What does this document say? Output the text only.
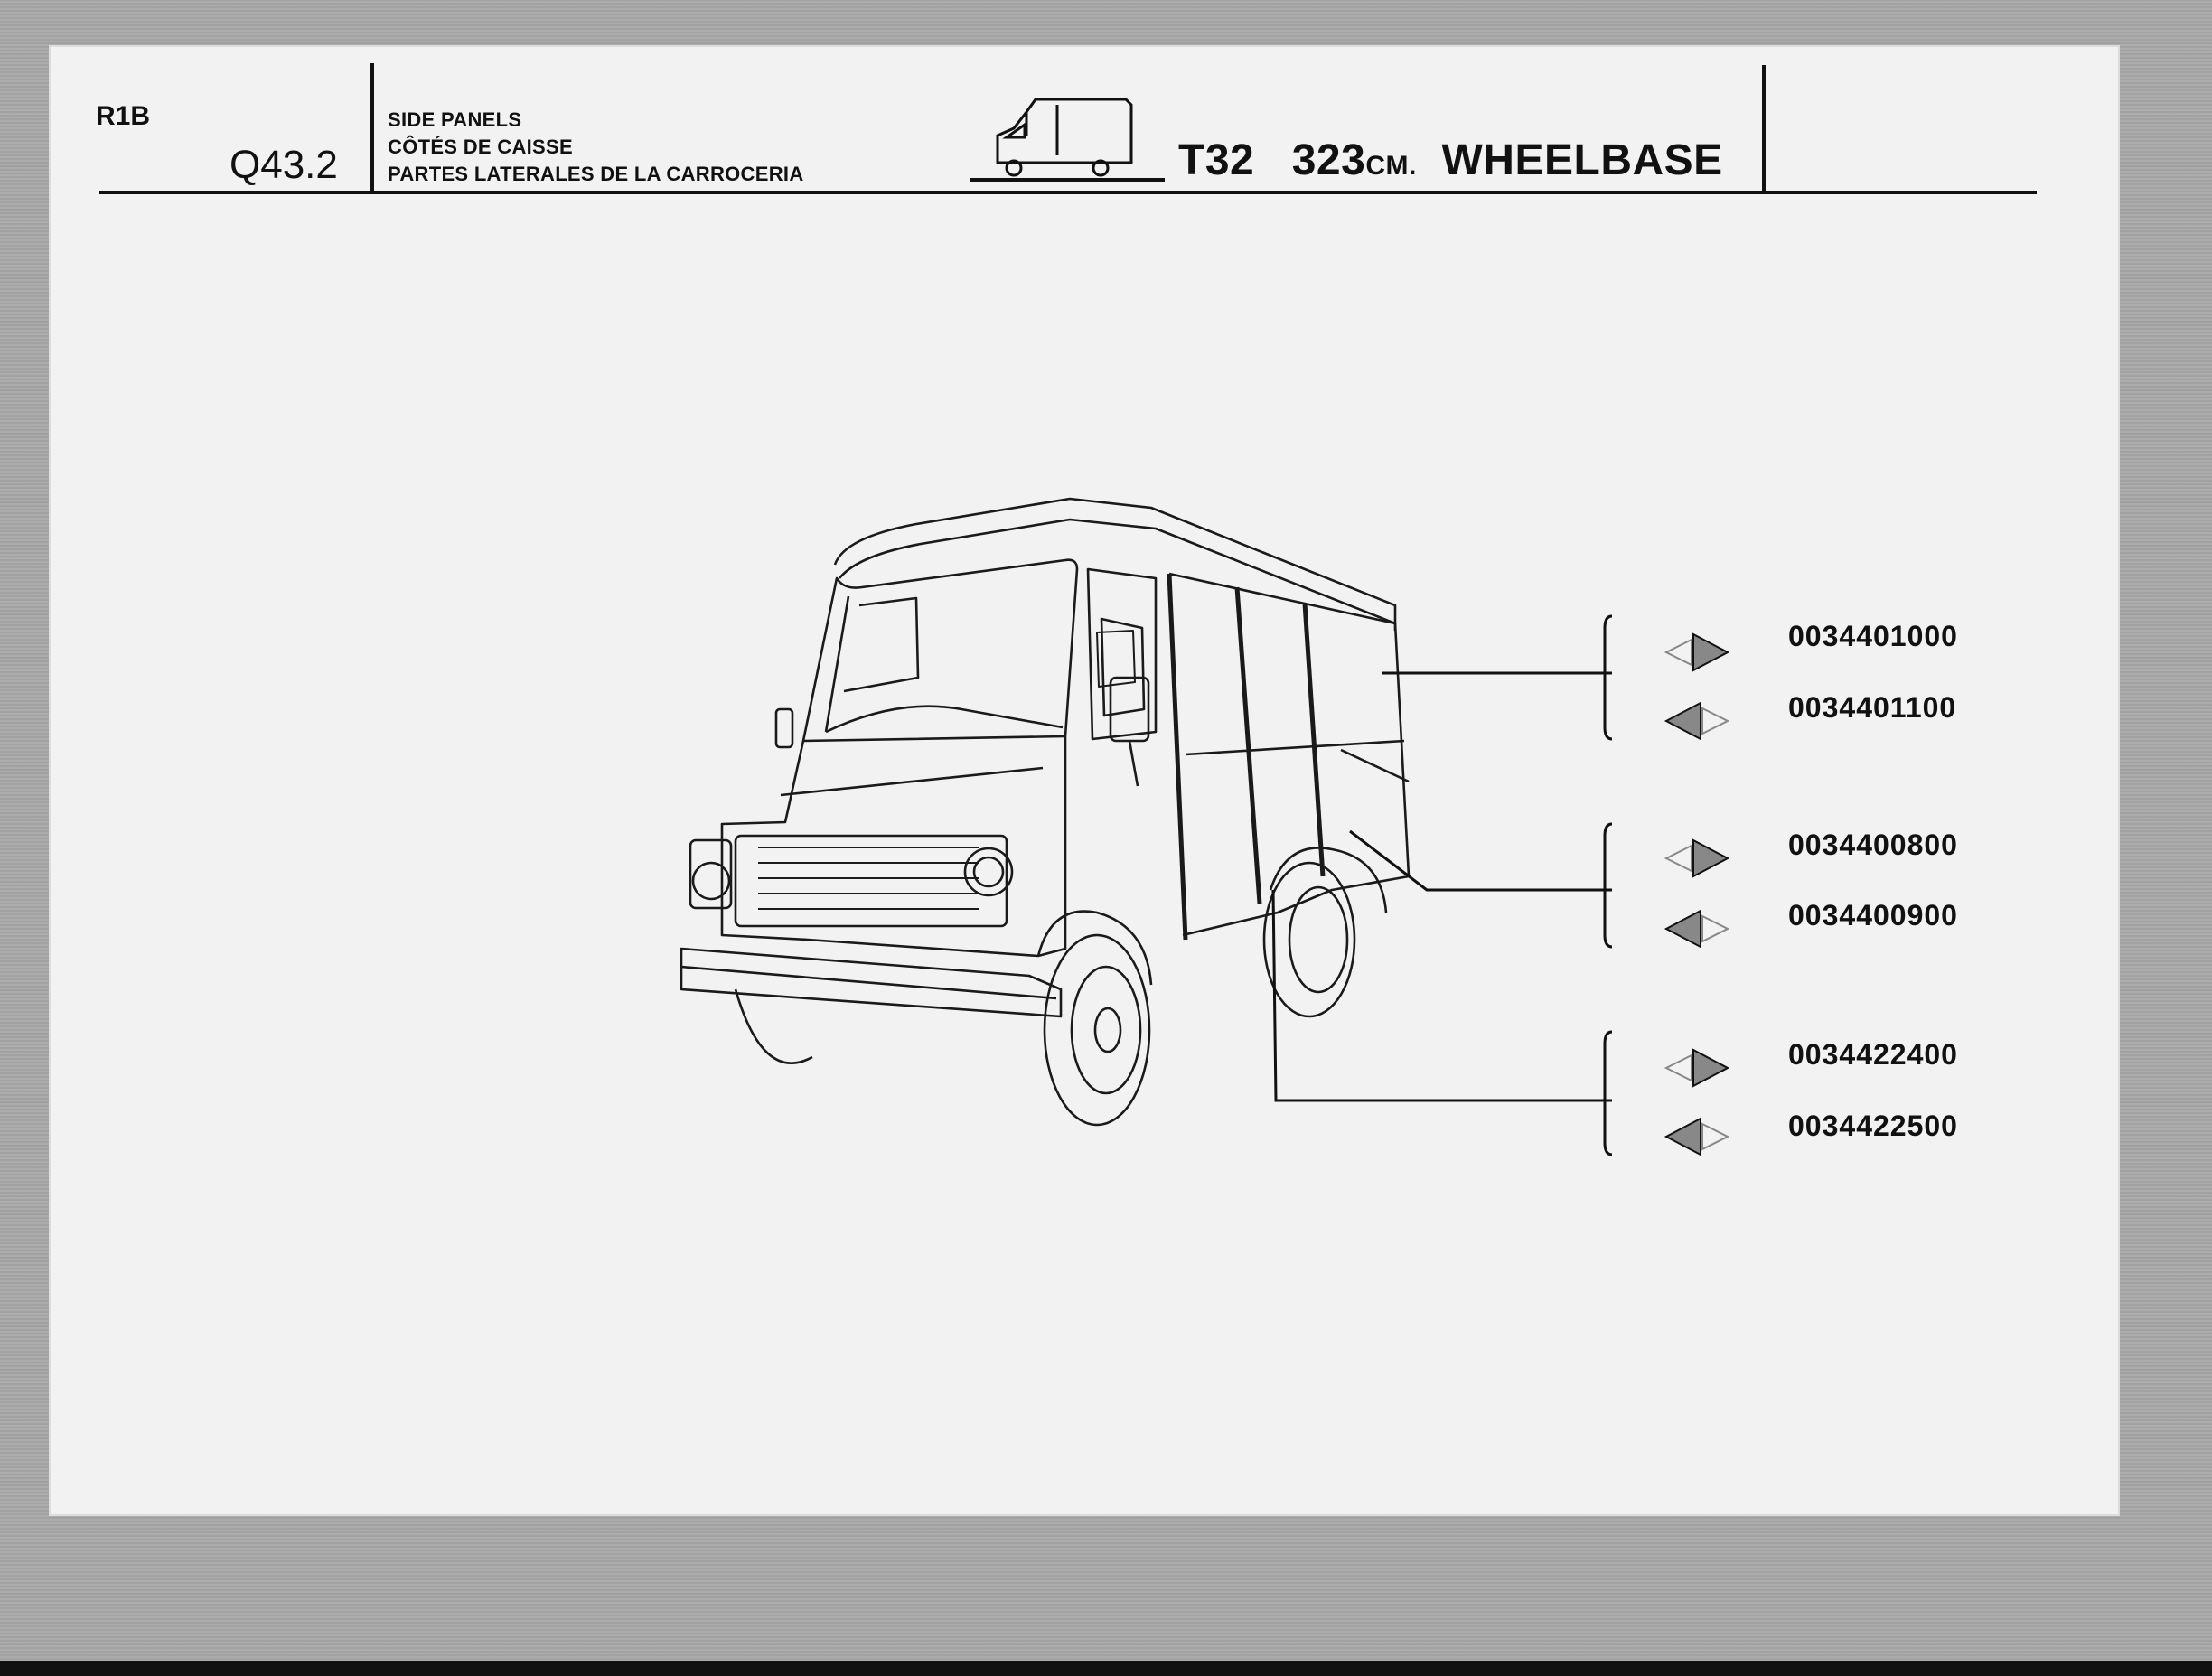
R1B
Q43.2
SIDE PANELS
CÔTÉS DE CAISSE
PARTES LATERALES DE LA CARROCERIA	T32 323CM. WHEELBASE
0034401000
0034401100
0034400800
0034400900
0034422400
0034422500
